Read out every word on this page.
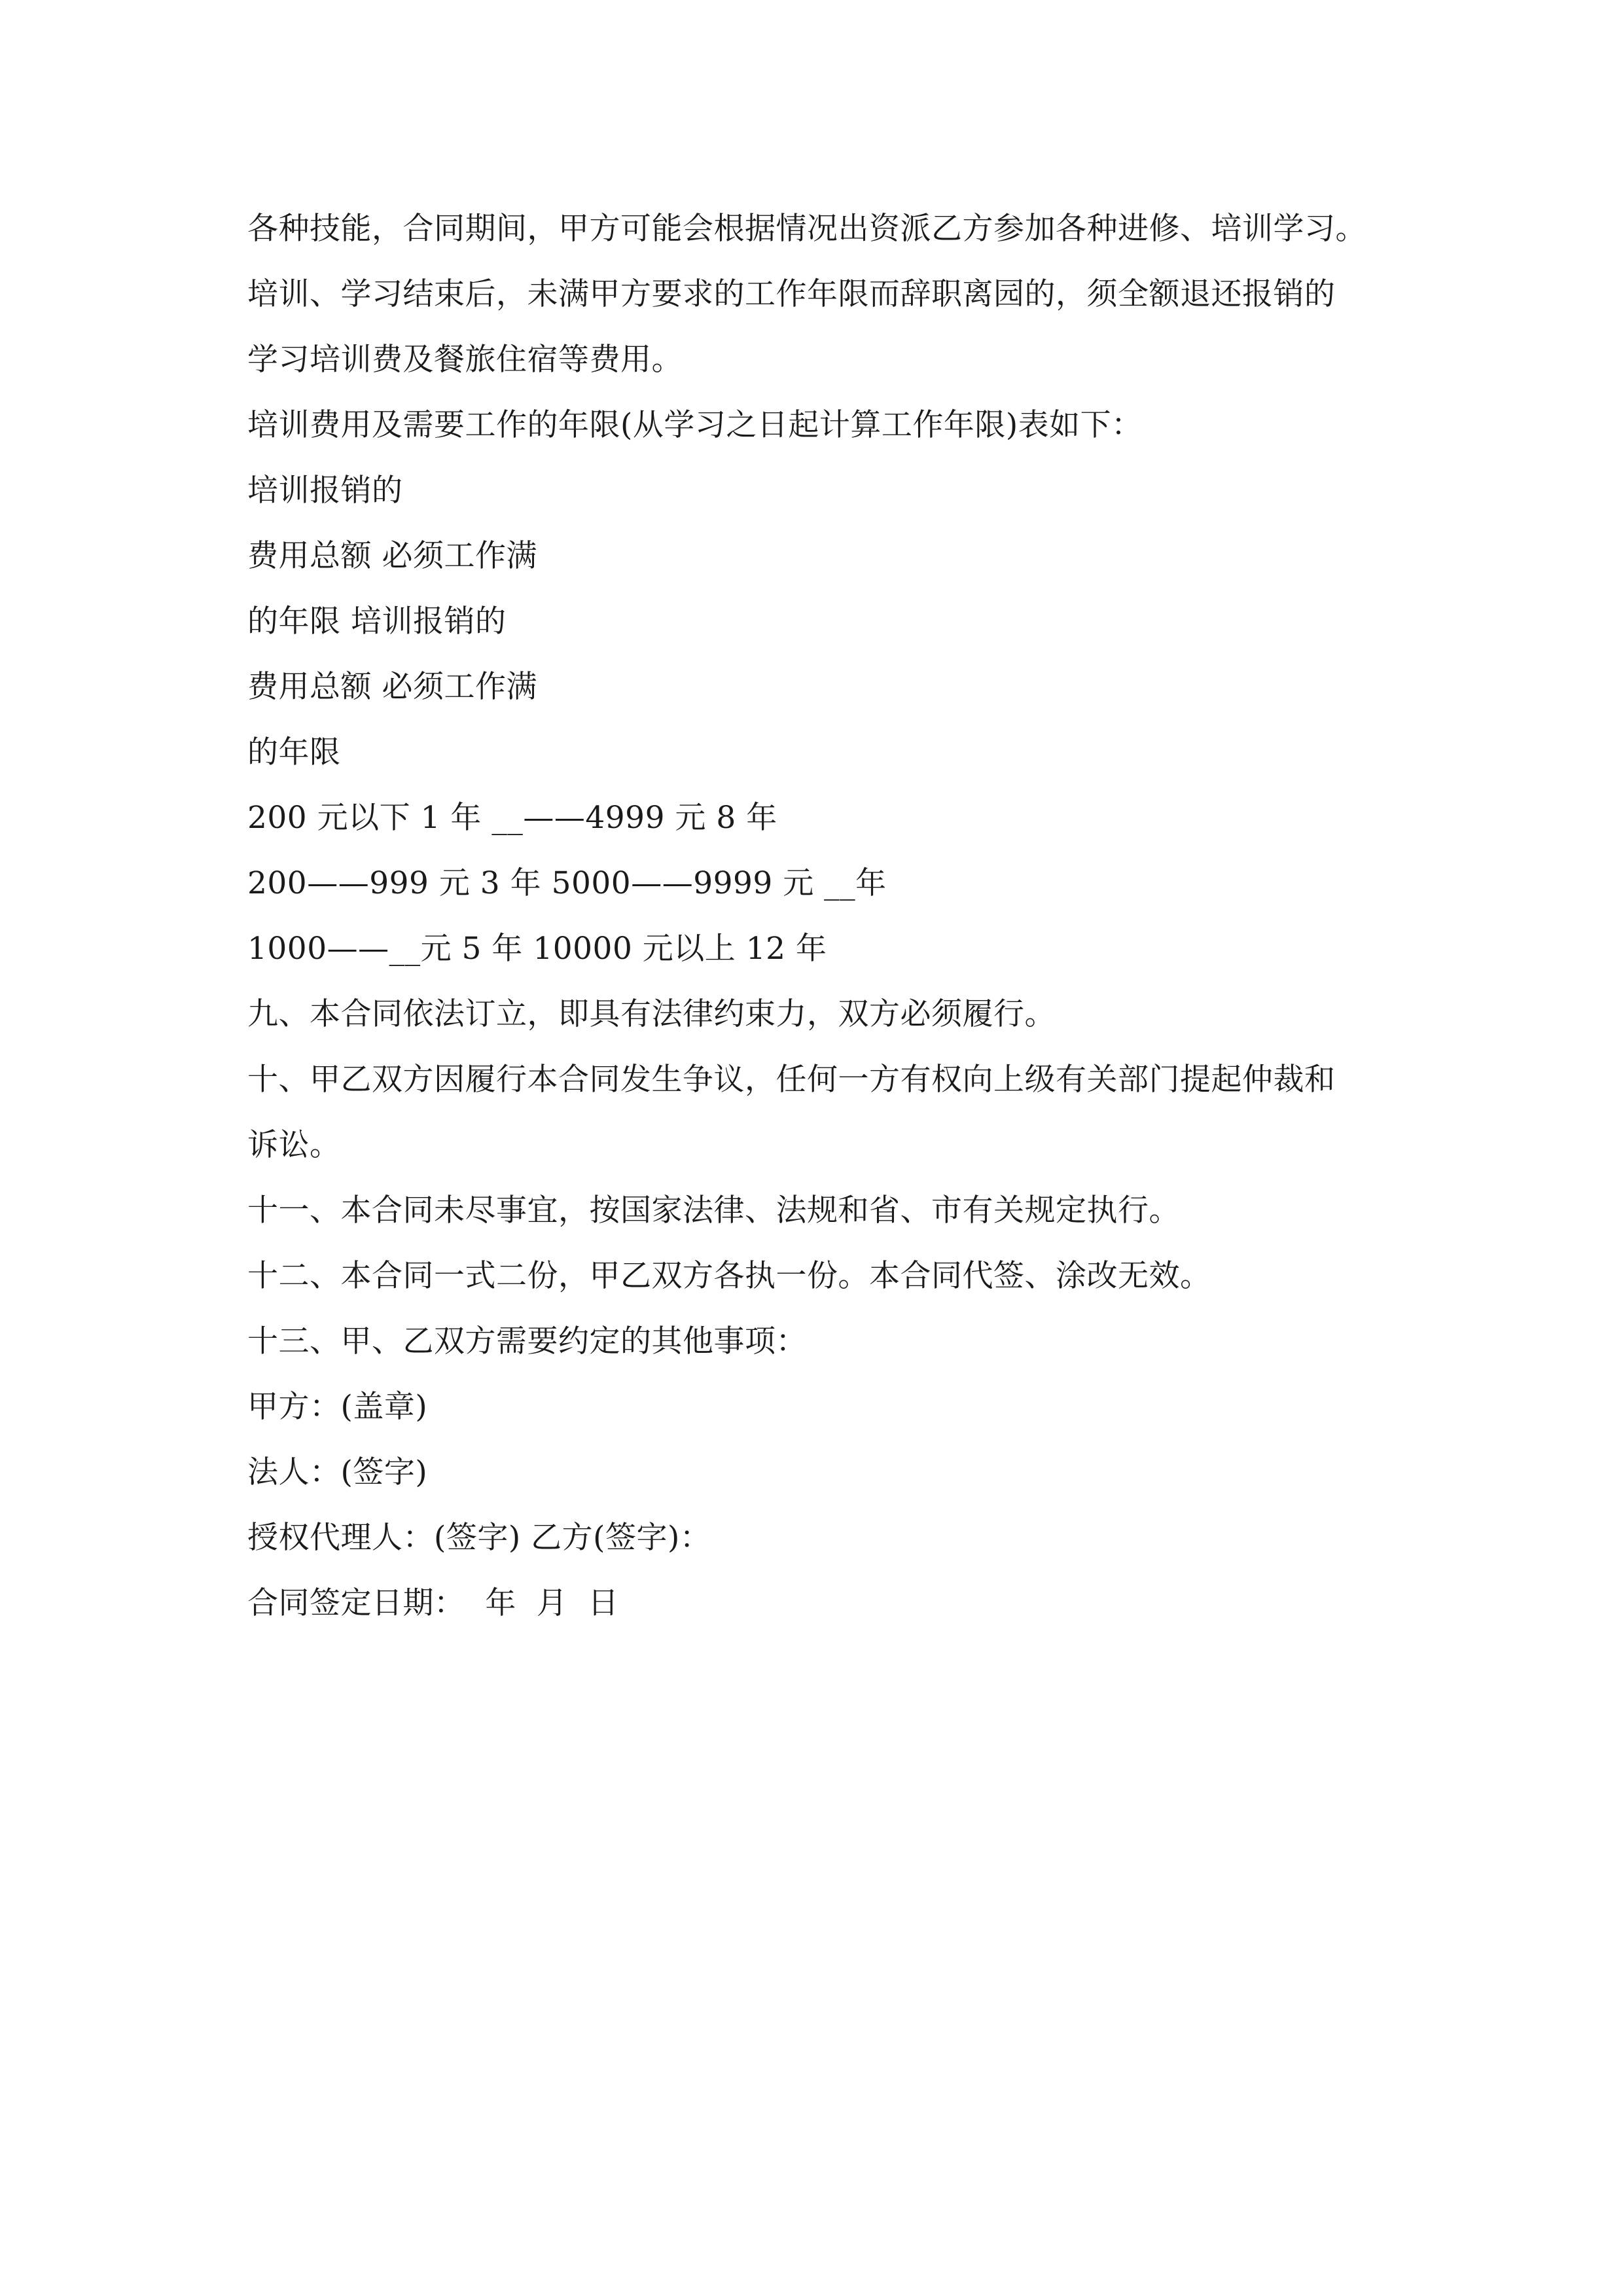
各种技能，合同期间，甲方可能会根据情况出资派乙方参加各种进修、培训学习。
培训、学习结束后，未满甲方要求的工作年限而辞职离园的，须全额退还报销的
学习培训费及餐旅住宿等费用。
培训费用及需要工作的年限(从学习之日起计算工作年限)表如下：
培训报销的
费用总额 必须工作满
的年限 培训报销的
费用总额 必须工作满
的年限
200 元以下 1 年 __——4999 元 8 年
200——999 元 3 年 5000——9999 元 __年
1000——__元 5 年 10000 元以上 12 年
九、本合同依法订立，即具有法律约束力，双方必须履行。
十、甲乙双方因履行本合同发生争议，任何一方有权向上级有关部门提起仲裁和
诉讼。
十一、本合同未尽事宜，按国家法律、法规和省、市有关规定执行。
十二、本合同一式二份，甲乙双方各执一份。本合同代签、涂改无效。
十三、甲、乙双方需要约定的其他事项：
甲方：(盖章)
法人：(签字)
授权代理人：(签字) 乙方(签字)：
合同签定日期：  年  月  日
